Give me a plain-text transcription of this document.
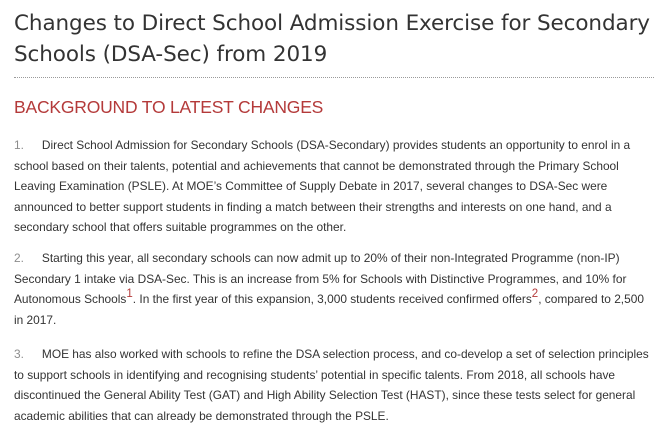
Changes to Direct School Admission Exercise for Secondary
Schools (DSA-Sec) from 2019
BACKGROUND TO LATEST CHANGES

1. Direct School Admission for Secondary Schools (DSA-Secondary) provides students an opportunity to enrol in a school based on their talents, potential and achievements that cannot be demonstrated through the Primary School Leaving Examination (PSLE). At MOE’s Committee of Supply Debate in 2017, several changes to DSA-Sec were announced to better support students in finding a match between their strengths and interests on one hand, and a secondary school that offers suitable programmes on the other.

2. Starting this year, all secondary schools can now admit up to 20% of their non-Integrated Programme (non-IP) Secondary 1 intake via DSA-Sec. This is an increase from 5% for Schools with Distinctive Programmes, and 10% for Autonomous Schools$^1$. In the first year of this expansion, 3,000 students received confirmed offers$^2$, compared to 2,500 in 2017.

3. MOE has also worked with schools to refine the DSA selection process, and co-develop a set of selection principles to support schools in identifying and recognising students’ potential in specific talents. From 2018, all schools have discontinued the General Ability Test (GAT) and High Ability Selection Test (HAST), since these tests select for general academic abilities that can already be demonstrated through the PSLE.
